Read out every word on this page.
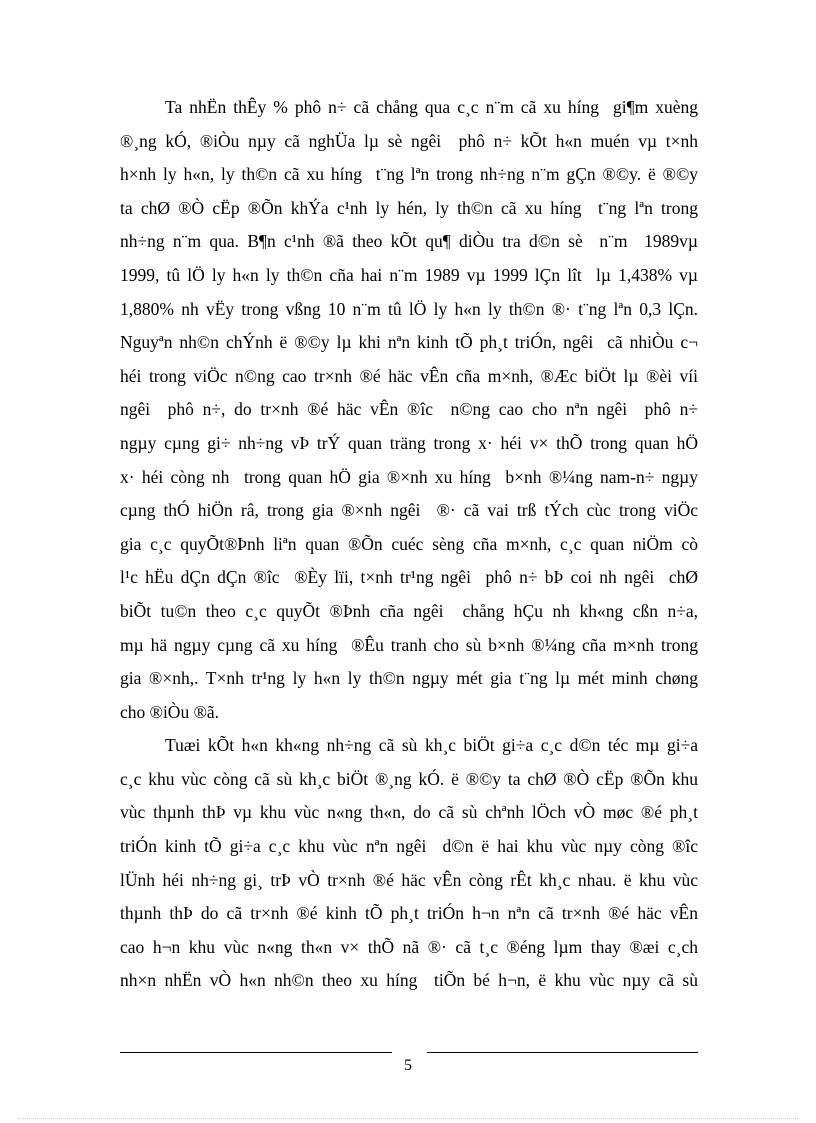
Ta nhËn thÊy % phô n÷ cã chång qua c¸c n¨m cã xu híng  gi¶m xuèng
®¸ng kÓ, ®iÒu nµy cã nghÜa lµ sè ngêi  phô n÷ kÕt h«n muén vµ t×nh
h×nh ly h«n, ly th©n cã xu híng  t¨ng lªn trong nh÷ng n¨m gÇn ®©y. ë ®©y
ta chØ ®Ò cËp ®Õn khÝa c¹nh ly hén, ly th©n cã xu híng  t¨ng lªn trong
nh÷ng n¨m qua. B¶n c¹nh ®ã theo kÕt qu¶ diÒu tra d©n sè  n¨m  1989vµ
1999, tû lÖ ly h«n ly th©n cña hai n¨m 1989 vµ 1999 lÇn lît  lµ 1,438% vµ
1,880% nh vËy trong vßng 10 n¨m tû lÖ ly h«n ly th©n ®· t¨ng lªn 0,3 lÇn.
Nguyªn nh©n chÝnh ë ®©y lµ khi nªn kinh tÕ ph¸t triÓn, ngêi  cã nhiÒu c¬
héi trong viÖc n©ng cao tr×nh ®é häc vÊn cña m×nh, ®Æc biÖt lµ ®èi víi
ngêi  phô n÷, do tr×nh ®é häc vÊn ®îc  n©ng cao cho nªn ngêi  phô n÷
ngµy cµng gi÷ nh÷ng vÞ trÝ quan träng trong x· héi v× thÕ trong quan hÖ
x· héi còng nh  trong quan hÖ gia ®×nh xu híng  b×nh ®¼ng nam-n÷ ngµy
cµng thÓ hiÖn râ, trong gia ®×nh ngêi  ®· cã vai trß tÝch cùc trong viÖc
gia c¸c quyÕt®Þnh liªn quan ®Õn cuéc sèng cña m×nh, c¸c quan niÖm cò
l¹c hËu dÇn dÇn ®îc  ®Èy lïi, t×nh tr¹ng ngêi  phô n÷ bÞ coi nh ngêi  chØ
biÕt tu©n theo c¸c quyÕt ®Þnh cña ngêi  chång hÇu nh kh«ng cßn n÷a,
mµ hä ngµy cµng cã xu híng  ®Êu tranh cho sù b×nh ®¼ng cña m×nh trong
gia ®×nh,. T×nh tr¹ng ly h«n ly th©n ngµy mét gia t¨ng lµ mét minh chøng
cho ®iÒu ®ã.
Tuæi kÕt h«n kh«ng nh÷ng cã sù kh¸c biÖt gi÷a c¸c d©n téc mµ gi÷a
c¸c khu vùc còng cã sù kh¸c biÖt ®¸ng kÓ. ë ®©y ta chØ ®Ò cËp ®Õn khu
vùc thµnh thÞ vµ khu vùc n«ng th«n, do cã sù chªnh lÖch vÒ møc ®é ph¸t
triÓn kinh tÕ gi÷a c¸c khu vùc nªn ngêi  d©n ë hai khu vùc nµy còng ®îc
lÜnh héi nh÷ng gi¸ trÞ vÒ tr×nh ®é häc vÊn còng rÊt kh¸c nhau. ë khu vùc
thµnh thÞ do cã tr×nh ®é kinh tÕ ph¸t triÓn h¬n nªn cã tr×nh ®é häc vÊn
cao h¬n khu vùc n«ng th«n v× thÕ nã ®· cã t¸c ®éng lµm thay ®æi c¸ch
nh×n nhËn vÒ h«n nh©n theo xu híng  tiÕn bé h¬n, ë khu vùc nµy cã sù
5
